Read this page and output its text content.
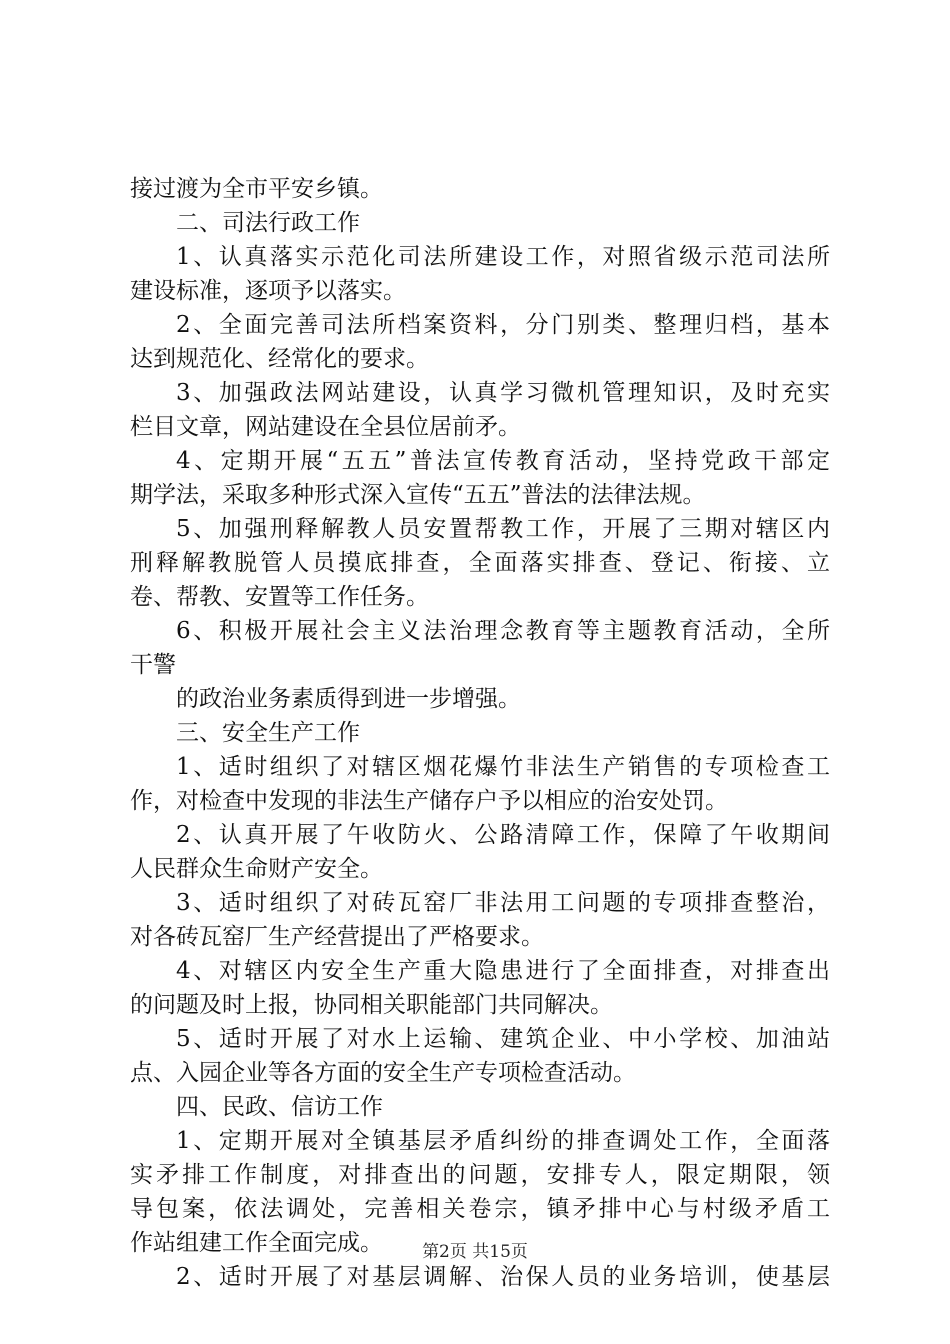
接过渡为全市平安乡镇。
二、司法行政工作
1、认真落实示范化司法所建设工作，对照省级示范司法所
建设标准，逐项予以落实。
2、全面完善司法所档案资料，分门别类、整理归档，基本
达到规范化、经常化的要求。
3、加强政法网站建设，认真学习微机管理知识，及时充实
栏目文章，网站建设在全县位居前矛。
4、定期开展“五五”普法宣传教育活动，坚持党政干部定
期学法，采取多种形式深入宣传“五五”普法的法律法规。
5、加强刑释解教人员安置帮教工作，开展了三期对辖区内
刑释解教脱管人员摸底排查，全面落实排查、登记、衔接、立
卷、帮教、安置等工作任务。
6、积极开展社会主义法治理念教育等主题教育活动，全所
干警
的政治业务素质得到进一步增强。
三、安全生产工作
1、适时组织了对辖区烟花爆竹非法生产销售的专项检查工
作，对检查中发现的非法生产储存户予以相应的治安处罚。
2、认真开展了午收防火、公路清障工作，保障了午收期间
人民群众生命财产安全。
3、适时组织了对砖瓦窑厂非法用工问题的专项排查整治，
对各砖瓦窑厂生产经营提出了严格要求。
4、对辖区内安全生产重大隐患进行了全面排查，对排查出
的问题及时上报，协同相关职能部门共同解决。
5、适时开展了对水上运输、建筑企业、中小学校、加油站
点、入园企业等各方面的安全生产专项检查活动。
四、民政、信访工作
1、定期开展对全镇基层矛盾纠纷的排查调处工作，全面落
实矛排工作制度，对排查出的问题，安排专人，限定期限，领
导包案，依法调处，完善相关卷宗，镇矛排中心与村级矛盾工
作站组建工作全面完成。
2、适时开展了对基层调解、治保人员的业务培训，使基层
第2页 共15页
